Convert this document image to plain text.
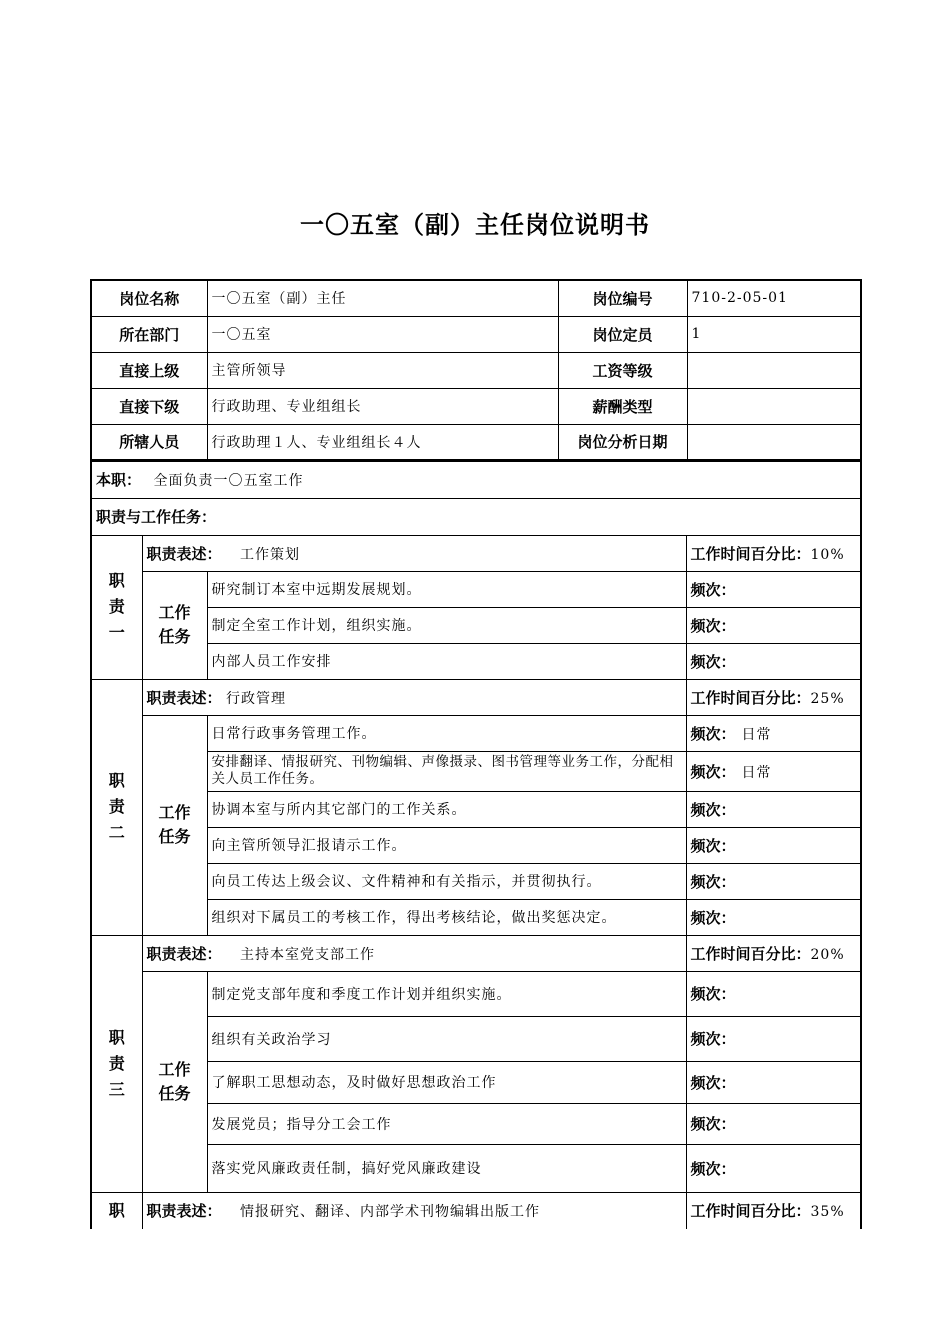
一〇五室（副）主任岗位说明书
岗位名称	一〇五室（副）主任	岗位编号	710-2-05-01
所在部门	一〇五室	岗位定员	1
直接上级	主管所领导	工资等级	
直接下级	行政助理、专业组组长	薪酬类型	
所辖人员	行政助理１人、专业组组长４人	岗位分析日期	
本职： 全面负责一〇五室工作			
职责与工作任务：			
职
责
一	职责表述： 工作策划		工作时间百分比：10%
	工作
任务	研究制订本室中远期发展规划。	频次：
		制定全室工作计划，组织实施。	频次：
		内部人员工作安排	频次：
职
责
二	职责表述： 行政管理		工作时间百分比：25%
	工作
任务	日常行政事务管理工作。	频次： 日常
		安排翻译、情报研究、刊物编辑、声像摄录、图书管理等业务工作，分配相关人员工作任务。	频次： 日常
		协调本室与所内其它部门的工作关系。	频次：
		向主管所领导汇报请示工作。	频次：
		向员工传达上级会议、文件精神和有关指示，并贯彻执行。	频次：
		组织对下属员工的考核工作，得出考核结论，做出奖惩决定。	频次：
职
责
三	职责表述： 主持本室党支部工作		工作时间百分比：20%
	工作
任务	制定党支部年度和季度工作计划并组织实施。	频次：
		组织有关政治学习	频次：
		了解职工思想动态，及时做好思想政治工作	频次：
		发展党员；指导分工会工作	频次：
		落实党风廉政责任制，搞好党风廉政建设	频次：
职	职责表述： 情报研究、翻译、内部学术刊物编辑出版工作		工作时间百分比：35%
